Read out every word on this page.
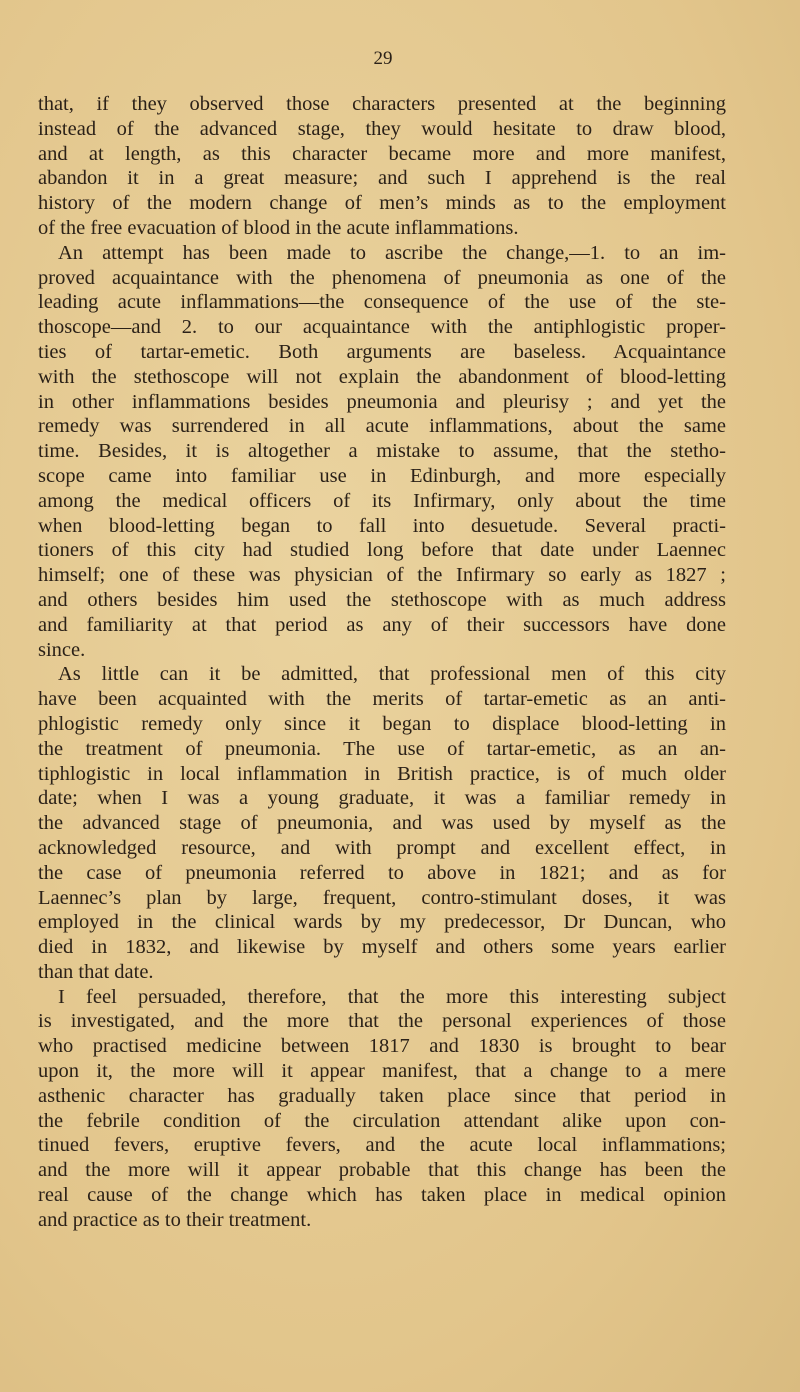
29
that, if they observed those characters presented at the beginning
instead of the advanced stage, they would hesitate to draw blood,
and at length, as this character became more and more manifest,
abandon it in a great measure; and such I apprehend is the real
history of the modern change of men’s minds as to the employment
of the free evacuation of blood in the acute inflammations.
An attempt has been made to ascribe the change,—1. to an im-
proved acquaintance with the phenomena of pneumonia as one of the
leading acute inflammations—the consequence of the use of the ste-
thoscope—and 2. to our acquaintance with the antiphlogistic proper-
ties of tartar-emetic. Both arguments are baseless. Acquaintance
with the stethoscope will not explain the abandonment of blood-letting
in other inflammations besides pneumonia and pleurisy ; and yet the
remedy was surrendered in all acute inflammations, about the same
time. Besides, it is altogether a mistake to assume, that the stetho-
scope came into familiar use in Edinburgh, and more especially
among the medical officers of its Infirmary, only about the time
when blood-letting began to fall into desuetude. Several practi-
tioners of this city had studied long before that date under Laennec
himself; one of these was physician of the Infirmary so early as 1827 ;
and others besides him used the stethoscope with as much address
and familiarity at that period as any of their successors have done
since.
As little can it be admitted, that professional men of this city
have been acquainted with the merits of tartar-emetic as an anti-
phlogistic remedy only since it began to displace blood-letting in
the treatment of pneumonia. The use of tartar-emetic, as an an-
tiphlogistic in local inflammation in British practice, is of much older
date; when I was a young graduate, it was a familiar remedy in
the advanced stage of pneumonia, and was used by myself as the
acknowledged resource, and with prompt and excellent effect, in
the case of pneumonia referred to above in 1821; and as for
Laennec’s plan by large, frequent, contro-stimulant doses, it was
employed in the clinical wards by my predecessor, Dr Duncan, who
died in 1832, and likewise by myself and others some years earlier
than that date.
I feel persuaded, therefore, that the more this interesting subject
is investigated, and the more that the personal experiences of those
who practised medicine between 1817 and 1830 is brought to bear
upon it, the more will it appear manifest, that a change to a mere
asthenic character has gradually taken place since that period in
the febrile condition of the circulation attendant alike upon con-
tinued fevers, eruptive fevers, and the acute local inflammations;
and the more will it appear probable that this change has been the
real cause of the change which has taken place in medical opinion
and practice as to their treatment.
